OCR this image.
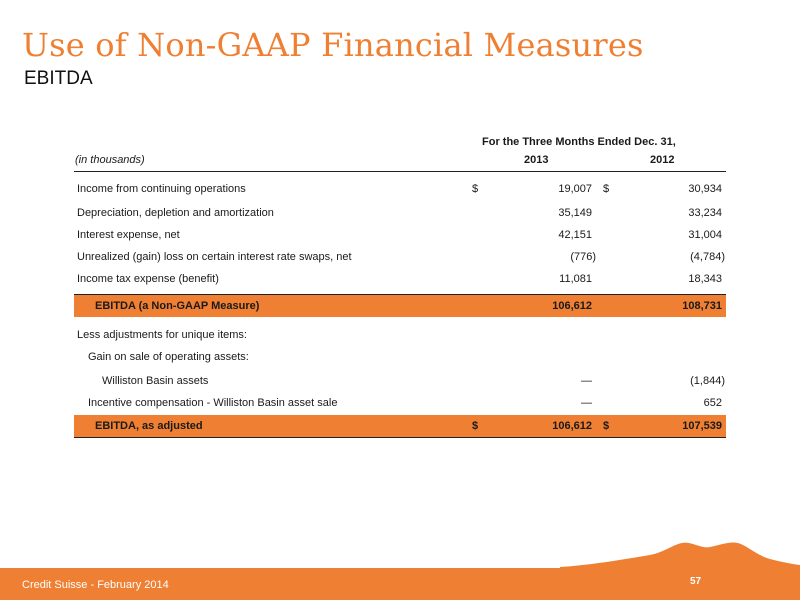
Use of Non-GAAP Financial Measures
EBITDA
For the Three Months Ended Dec. 31,
(in thousands)	2013	2012
Income from continuing operations	$	19,007 $	30,934
Depreciation, depletion and amortization	35,149	33,234
Interest expense, net	42,151	31,004
Unrealized (gain) loss on certain interest rate swaps, net	(776)	(4,784)
Income tax expense (benefit)	11,081	18,343
EBITDA (a Non-GAAP Measure)	106,612	108,731
Less adjustments for unique items:
Gain on sale of operating assets:
Williston Basin assets	—	(1,844)
Incentive compensation - Williston Basin asset sale	—	652
EBITDA, as adjusted	$	106,612 $	107,539
Credit Suisse - February 2014	57
